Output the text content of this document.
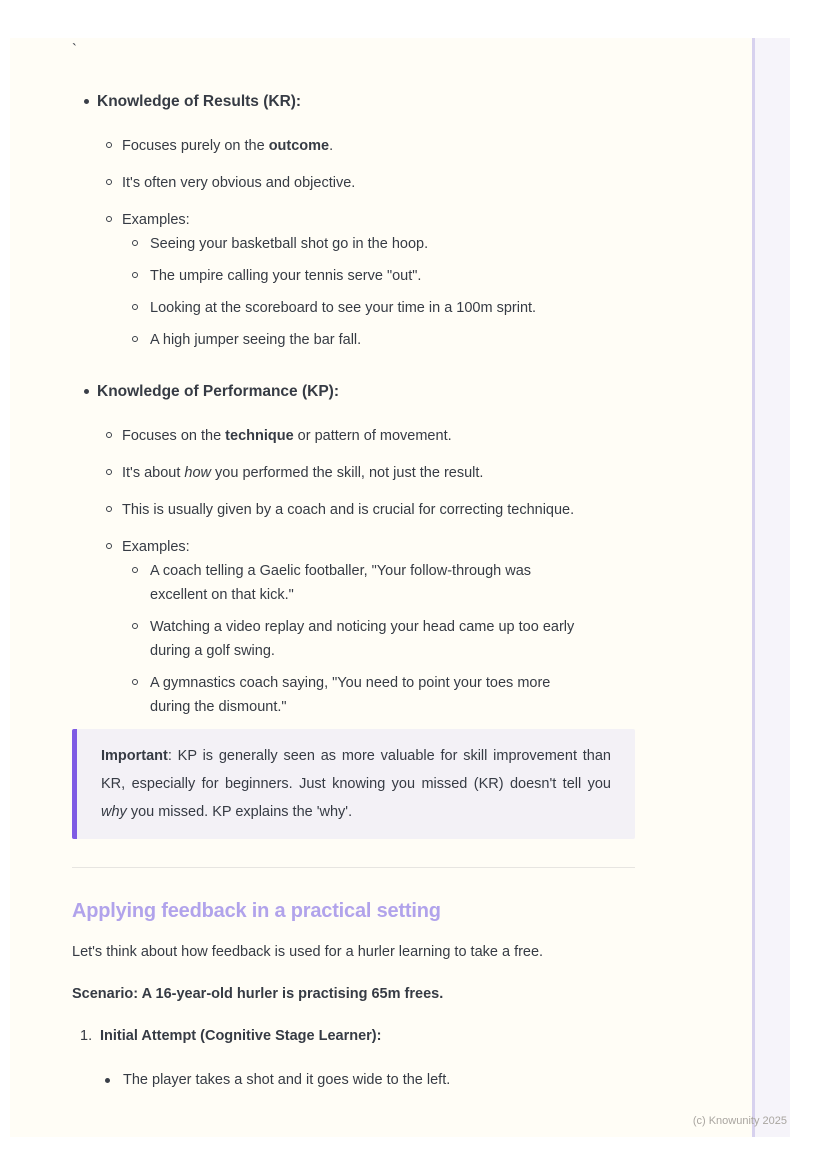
`

Knowledge of Results (KR):
Focuses purely on the outcome.
It's often very obvious and objective.
Examples:
Seeing your basketball shot go in the hoop.
The umpire calling your tennis serve "out".
Looking at the scoreboard to see your time in a 100m sprint.
A high jumper seeing the bar fall.
Knowledge of Performance (KP):
Focuses on the technique or pattern of movement.
It's about how you performed the skill, not just the result.
This is usually given by a coach and is crucial for correcting technique.
Examples:
A coach telling a Gaelic footballer, "Your follow-through was excellent on that kick."
Watching a video replay and noticing your head came up too early during a golf swing.
A gymnastics coach saying, "You need to point your toes more during the dismount."

Important: KP is generally seen as more valuable for skill improvement than KR, especially for beginners. Just knowing you missed (KR) doesn't tell you why you missed. KP explains the 'why'.

Applying feedback in a practical setting

Let's think about how feedback is used for a hurler learning to take a free.

Scenario: A 16-year-old hurler is practising 65m frees.

1. Initial Attempt (Cognitive Stage Learner):
The player takes a shot and it goes wide to the left.
(c) Knowunity 2025
